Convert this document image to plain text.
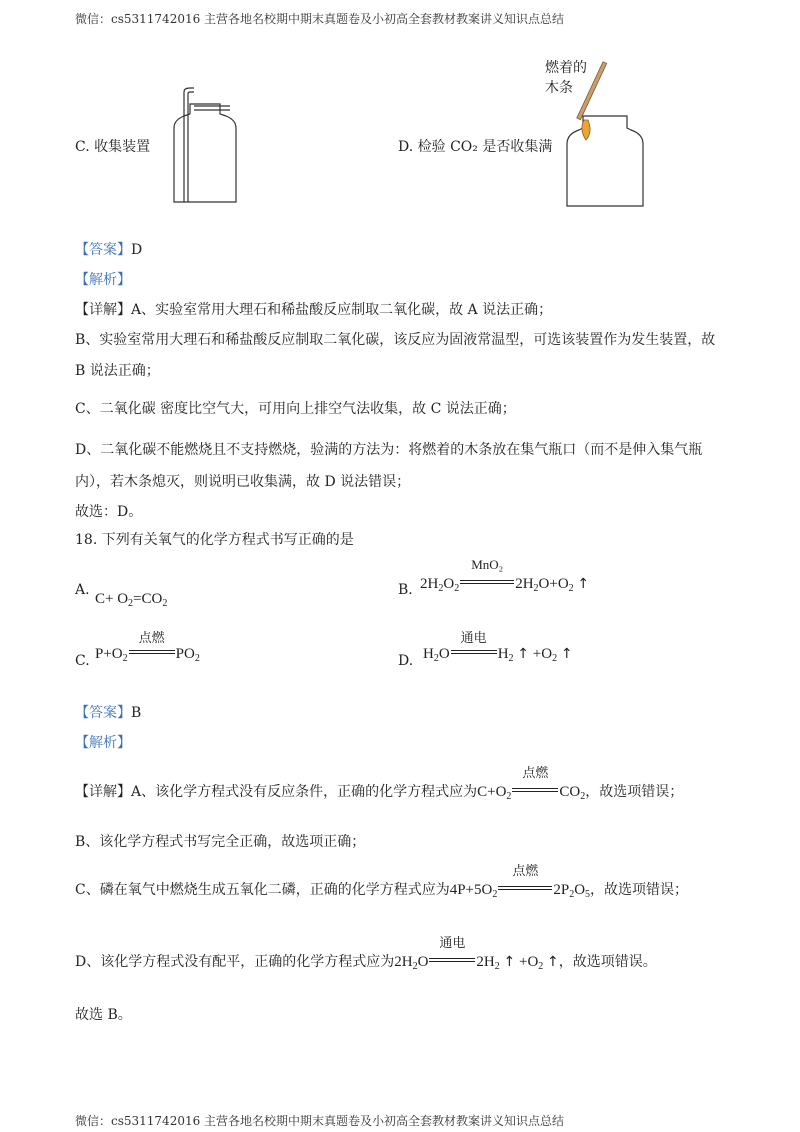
微信：cs5311742016 主营各地名校期中期末真题卷及小初高全套教材教案讲义知识点总结
燃着的
木条
C. 收集装置	D. 检验 CO₂ 是否收集满
【答案】D
【解析】
【详解】A、实验室常用大理石和稀盐酸反应制取二氧化碳，故 A 说法正确；
B、实验室常用大理石和稀盐酸反应制取二氧化碳，该反应为固液常温型，可选该装置作为发生装置，故
B 说法正确；
C、二氧化碳 密度比空气大，可用向上排空气法收集，故 C 说法正确；
D、二氧化碳不能燃烧且不支持燃烧，验满的方法为：将燃着的木条放在集气瓶口（而不是伸入集气瓶
内），若木条熄灭，则说明已收集满，故 D 说法错误；
故选：D。
18. 下列有关氧气的化学方程式书写正确的是
A.
$C+ O_2=CO_2$
B. $2H_2O_2$
MnO₂
$2H_2O+O_2$ ↑
C. $P+O_2$
点燃
$PO_2$	D. $H_2O$
通电
$H_2$ ↑ $+O_2$ ↑
【答案】B
【解析】
【详解】A、该化学方程式没有反应条件，正确的化学方程式应为$C+O_2$
点燃
$CO_2$，故选项错误；
B、该化学方程式书写完全正确，故选项正确；
C、磷在氧气中燃烧生成五氧化二磷，正确的化学方程式应为$4P+5O_2$
点燃
$2P_2O_5$，故选项错误；
D、该化学方程式没有配平，正确的化学方程式应为$2H_2O$
通电
$2H_2$ ↑ $+O_2$ ↑，故选项错误。
故选 B。
微信：cs5311742016 主营各地名校期中期末真题卷及小初高全套教材教案讲义知识点总结
